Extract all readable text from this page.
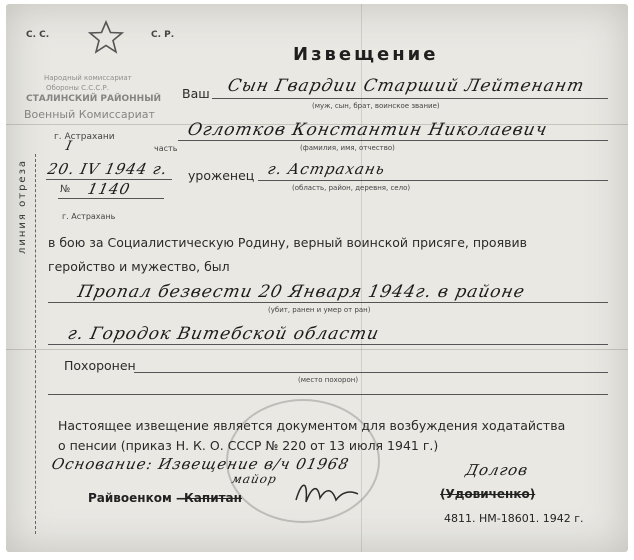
С. С.	С. Р.
Извещение
Народный комиссариат
Обороны С.С.С.Р.
СТАЛИНСКИЙ РАЙОННЫЙ
Военный Комиссариат
г. Астрахани
часть
г. Астрахань
Ваш Сын Гвардии Старший Лейтенант
(муж, сын, брат, воинское звание)
Оглотков Константин Николаевич
(фамилия, имя, отчество)
I
20. IV 1944 г.
№ 1140
уроженец г. Астрахань
(область, район, деревня, село)
в бою за Социалистическую Родину, верный воинской присяге, проявив
геройство и мужество, был
Пропал безвести 20 Января 1944г. в районе
(убит, ранен и умер от ран)
г. Городок Витебской области
Похоронен
(место похорон)
Настоящее извещение является документом для возбуждения ходатайства
о пенсии (приказ Н. К. О. СССР № 220 от 13 июля 1941 г.)
Основание: Извещение в/ч 01968
майор
Райвоенком —
Капитан
Долгов
(Удовиченко)
4811. НМ-18601. 1942 г.
линия отреза
